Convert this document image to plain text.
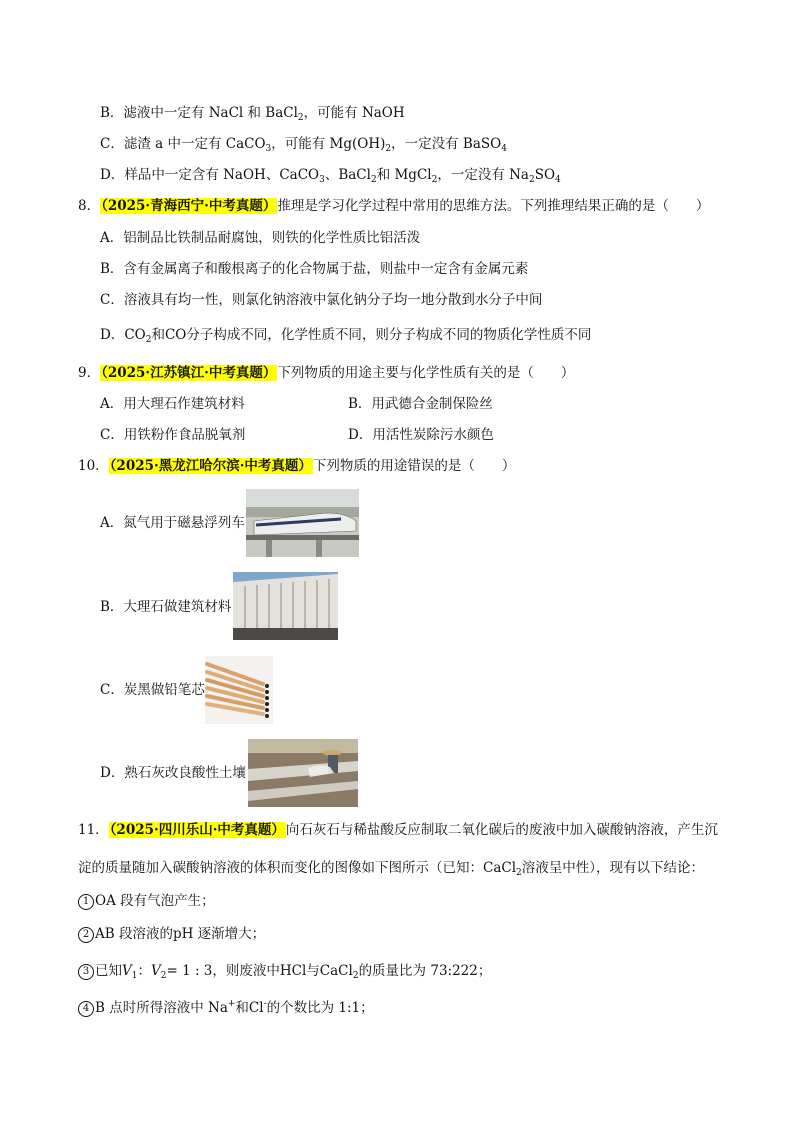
B．滤液中一定有 NaCl 和 BaCl$_2$，可能有 NaOH
C．滤渣 a 中一定有 CaCO$_3$，可能有 $Mg(OH)_2$，一定没有 BaSO$_4$
D．样品中一定含有 NaOH、CaCO$_3$、BaCl$_2$和 MgCl$_2$，一定没有 $Na_2SO_4$
8．（2025·青海西宁·中考真题）推理是学习化学过程中常用的思维方法。下列推理结果正确的是（　　）
A．铝制品比铁制品耐腐蚀，则铁的化学性质比铝活泼
B．含有金属离子和酸根离子的化合物属于盐，则盐中一定含有金属元素
C．溶液具有均一性，则氯化钠溶液中氯化钠分子均一地分散到水分子中间
D．$CO_2$和CO分子构成不同，化学性质不同，则分子构成不同的物质化学性质不同
9．（2025·江苏镇江·中考真题）下列物质的用途主要与化学性质有关的是（　　）
A．用大理石作建筑材料	B．用武德合金制保险丝
C．用铁粉作食品脱氧剂	D．用活性炭除污水颜色
10．（2025·黑龙江哈尔滨·中考真题）下列物质的用途错误的是（　　）
A．氮气用于磁悬浮列车
B．大理石做建筑材料
C．炭黑做铅笔芯
D．熟石灰改良酸性土壤
11．（2025·四川乐山·中考真题）向石灰石与稀盐酸反应制取二氧化碳后的废液中加入碳酸钠溶液，产生沉
淀的质量随加入碳酸钠溶液的体积而变化的图像如下图所示（已知：CaCl$_2$溶液呈中性），现有以下结论：
1 OA 段有气泡产生；
2 AB 段溶液的pH 逐渐增大；
3 已知$V_1$：$V_2= 1$ : 3，则废液中HCl与CaCl$_2$的质量比为 73:222；
4 B 点时所得溶液中 Na+和Cl-的个数比为 1:1；
